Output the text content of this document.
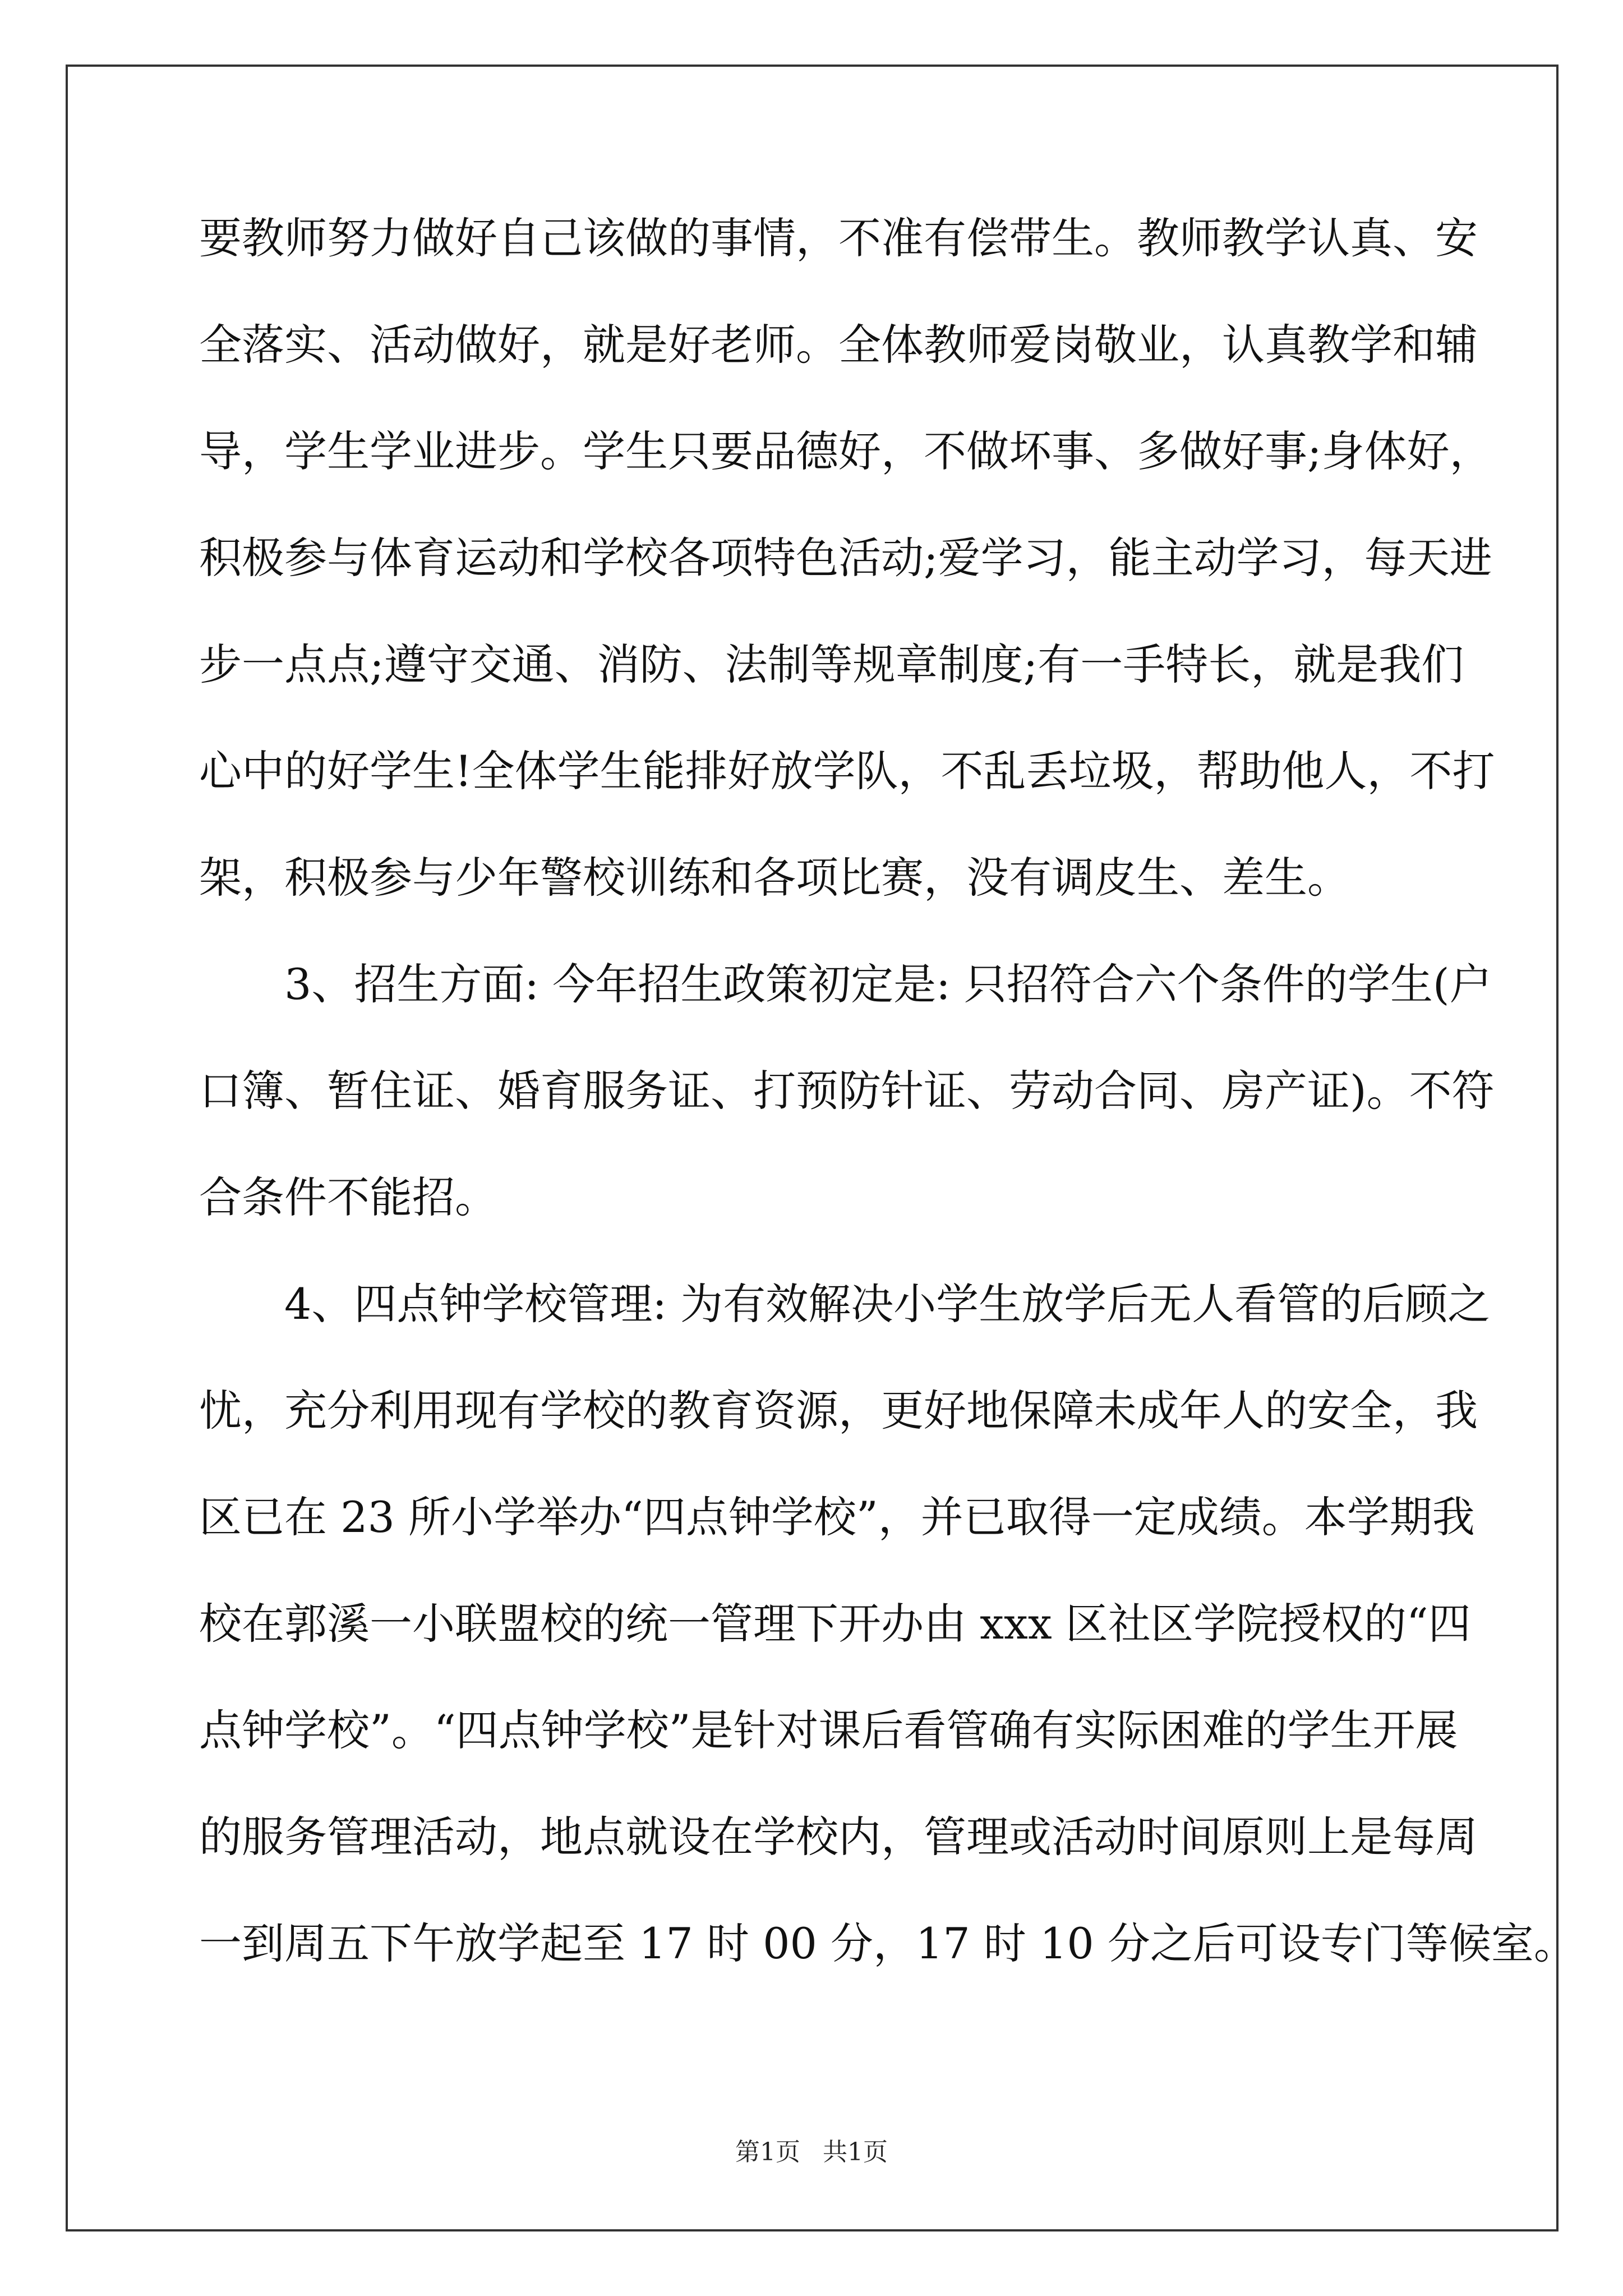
要教师努力做好自己该做的事情，不准有偿带生。教师教学认真、安
全落实、活动做好，就是好老师。全体教师爱岗敬业，认真教学和辅
导，学生学业进步。学生只要品德好，不做坏事、多做好事;身体好，
积极参与体育运动和学校各项特色活动;爱学习，能主动学习，每天进
步一点点;遵守交通、消防、法制等规章制度;有一手特长，就是我们
心中的好学生!全体学生能排好放学队，不乱丢垃圾，帮助他人，不打
架，积极参与少年警校训练和各项比赛，没有调皮生、差生。
3、招生方面: 今年招生政策初定是: 只招符合六个条件的学生(户
口簿、暂住证、婚育服务证、打预防针证、劳动合同、房产证)。不符
合条件不能招。
4、四点钟学校管理: 为有效解决小学生放学后无人看管的后顾之
忧，充分利用现有学校的教育资源，更好地保障未成年人的安全，我
区已在 23 所小学举办“四点钟学校”，并已取得一定成绩。本学期我
校在郭溪一小联盟校的统一管理下开办由 xxx 区社区学院授权的“四
点钟学校”。“四点钟学校”是针对课后看管确有实际困难的学生开展
的服务管理活动，地点就设在学校内，管理或活动时间原则上是每周
一到周五下午放学起至 17 时 00 分，17 时 10 分之后可设专门等候室。
第1页 共1页
